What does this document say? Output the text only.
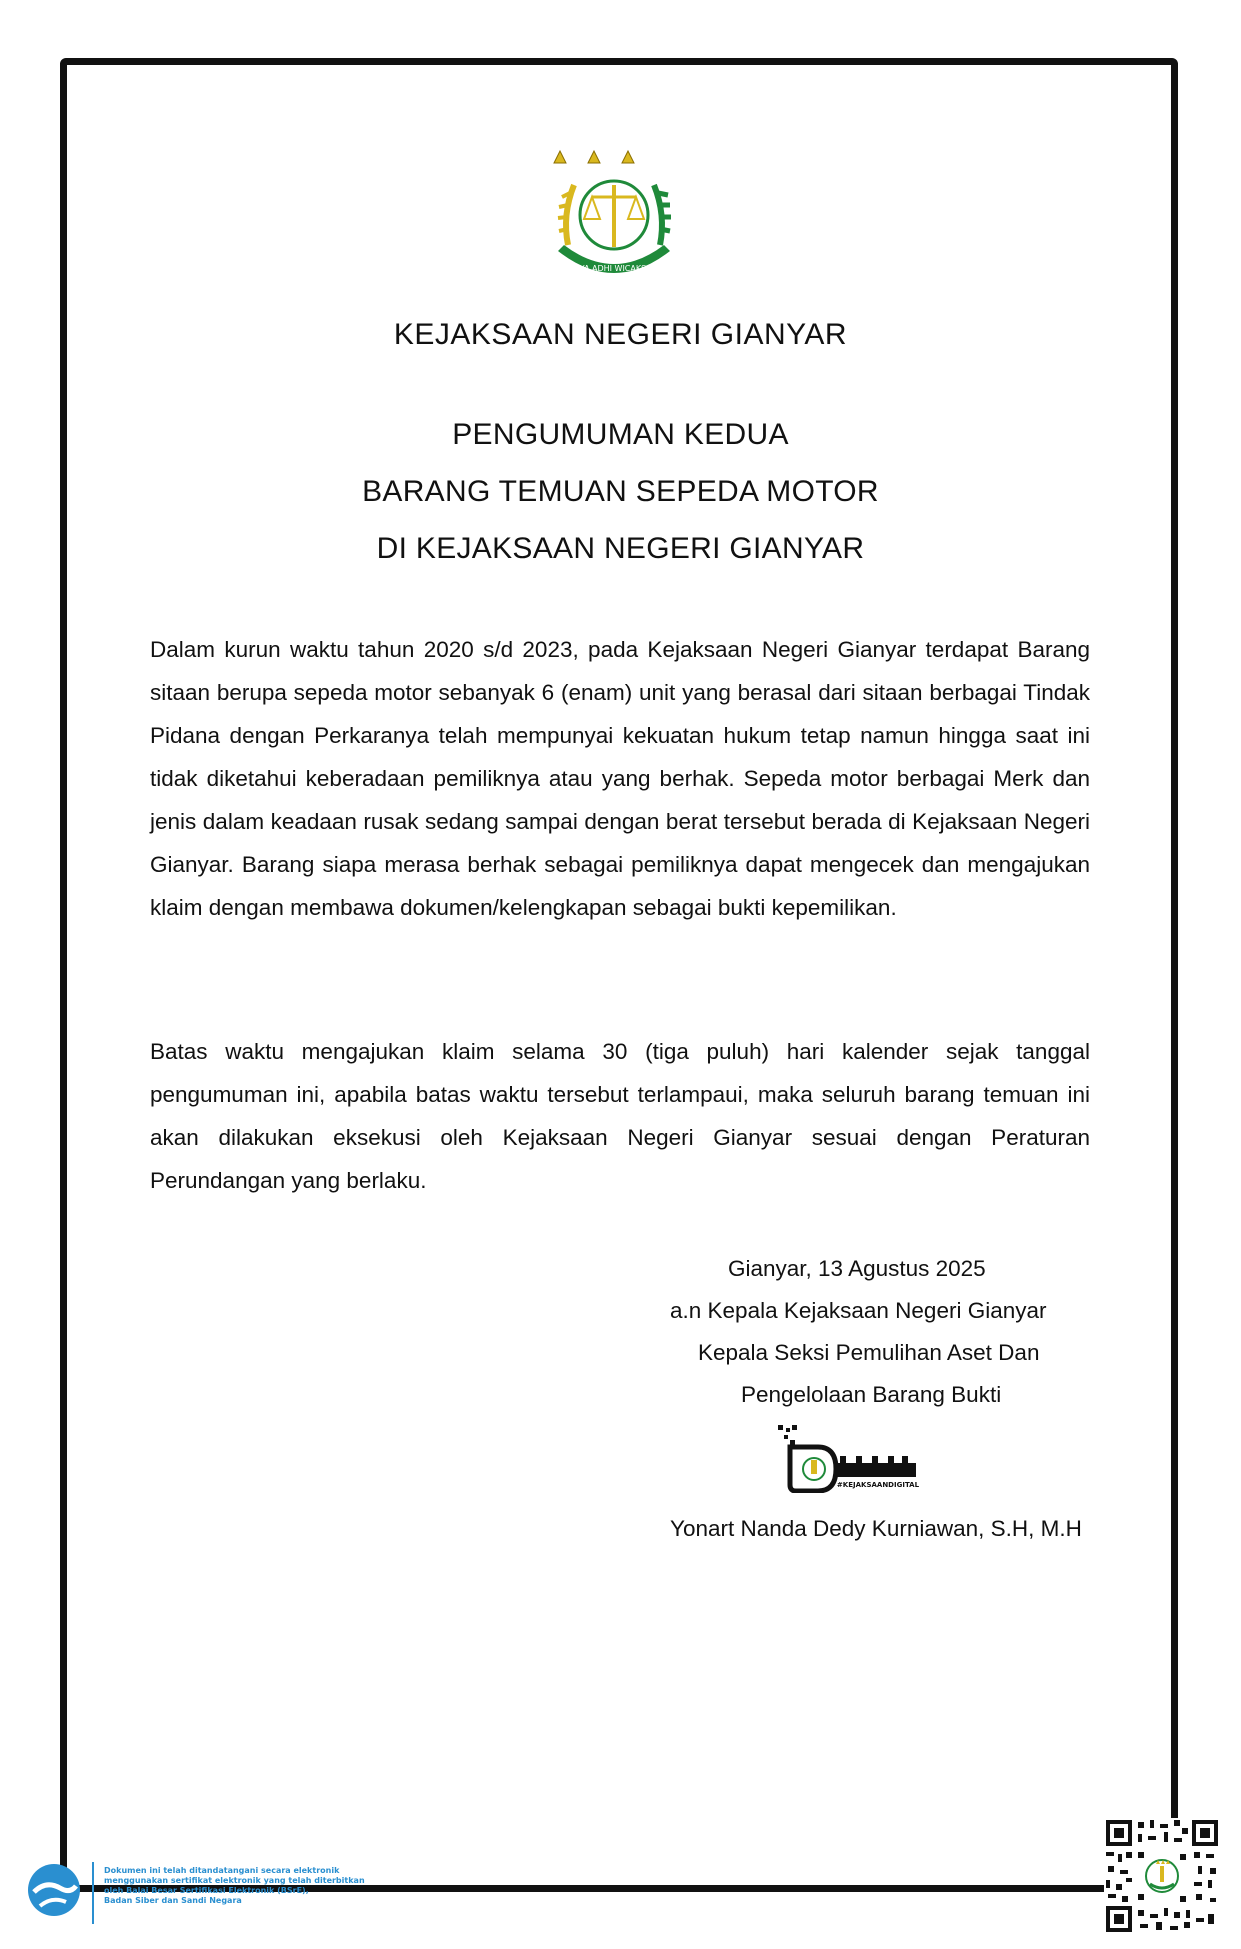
SATYA ADHI WICAKSANA
KEJAKSAAN NEGERI GIANYAR
PENGUMUMAN KEDUA
BARANG TEMUAN SEPEDA MOTOR
DI KEJAKSAAN NEGERI GIANYAR

Dalam kurun waktu tahun 2020 s/d 2023, pada Kejaksaan Negeri Gianyar terdapat Barang sitaan berupa sepeda motor sebanyak 6 (enam) unit yang berasal dari sitaan berbagai Tindak Pidana dengan Perkaranya telah mempunyai kekuatan hukum tetap namun hingga saat ini tidak diketahui keberadaan pemiliknya atau yang berhak. Sepeda motor berbagai Merk dan jenis dalam keadaan rusak sedang sampai dengan berat tersebut berada di Kejaksaan Negeri Gianyar. Barang siapa merasa berhak sebagai pemiliknya dapat mengecek dan mengajukan klaim dengan membawa dokumen/kelengkapan sebagai bukti kepemilikan.

Batas waktu mengajukan klaim selama 30 (tiga puluh) hari kalender sejak tanggal pengumuman ini, apabila batas waktu tersebut terlampaui, maka seluruh barang temuan ini akan dilakukan eksekusi oleh Kejaksaan Negeri Gianyar sesuai dengan Peraturan Perundangan yang berlaku.

Gianyar, 13 Agustus 2025
a.n Kepala Kejaksaan Negeri Gianyar
Kepala Seksi Pemulihan Aset Dan
Pengelolaan Barang Bukti
#KEJAKSAANDIGITAL
Yonart Nanda Dedy Kurniawan, S.H, M.H
Dokumen ini telah ditandatangani secara elektronik
menggunakan sertifikat elektronik yang telah diterbitkan
oleh Balai Besar Sertifikasi Elektronik (BSrE),
Badan Siber dan Sandi Negara
